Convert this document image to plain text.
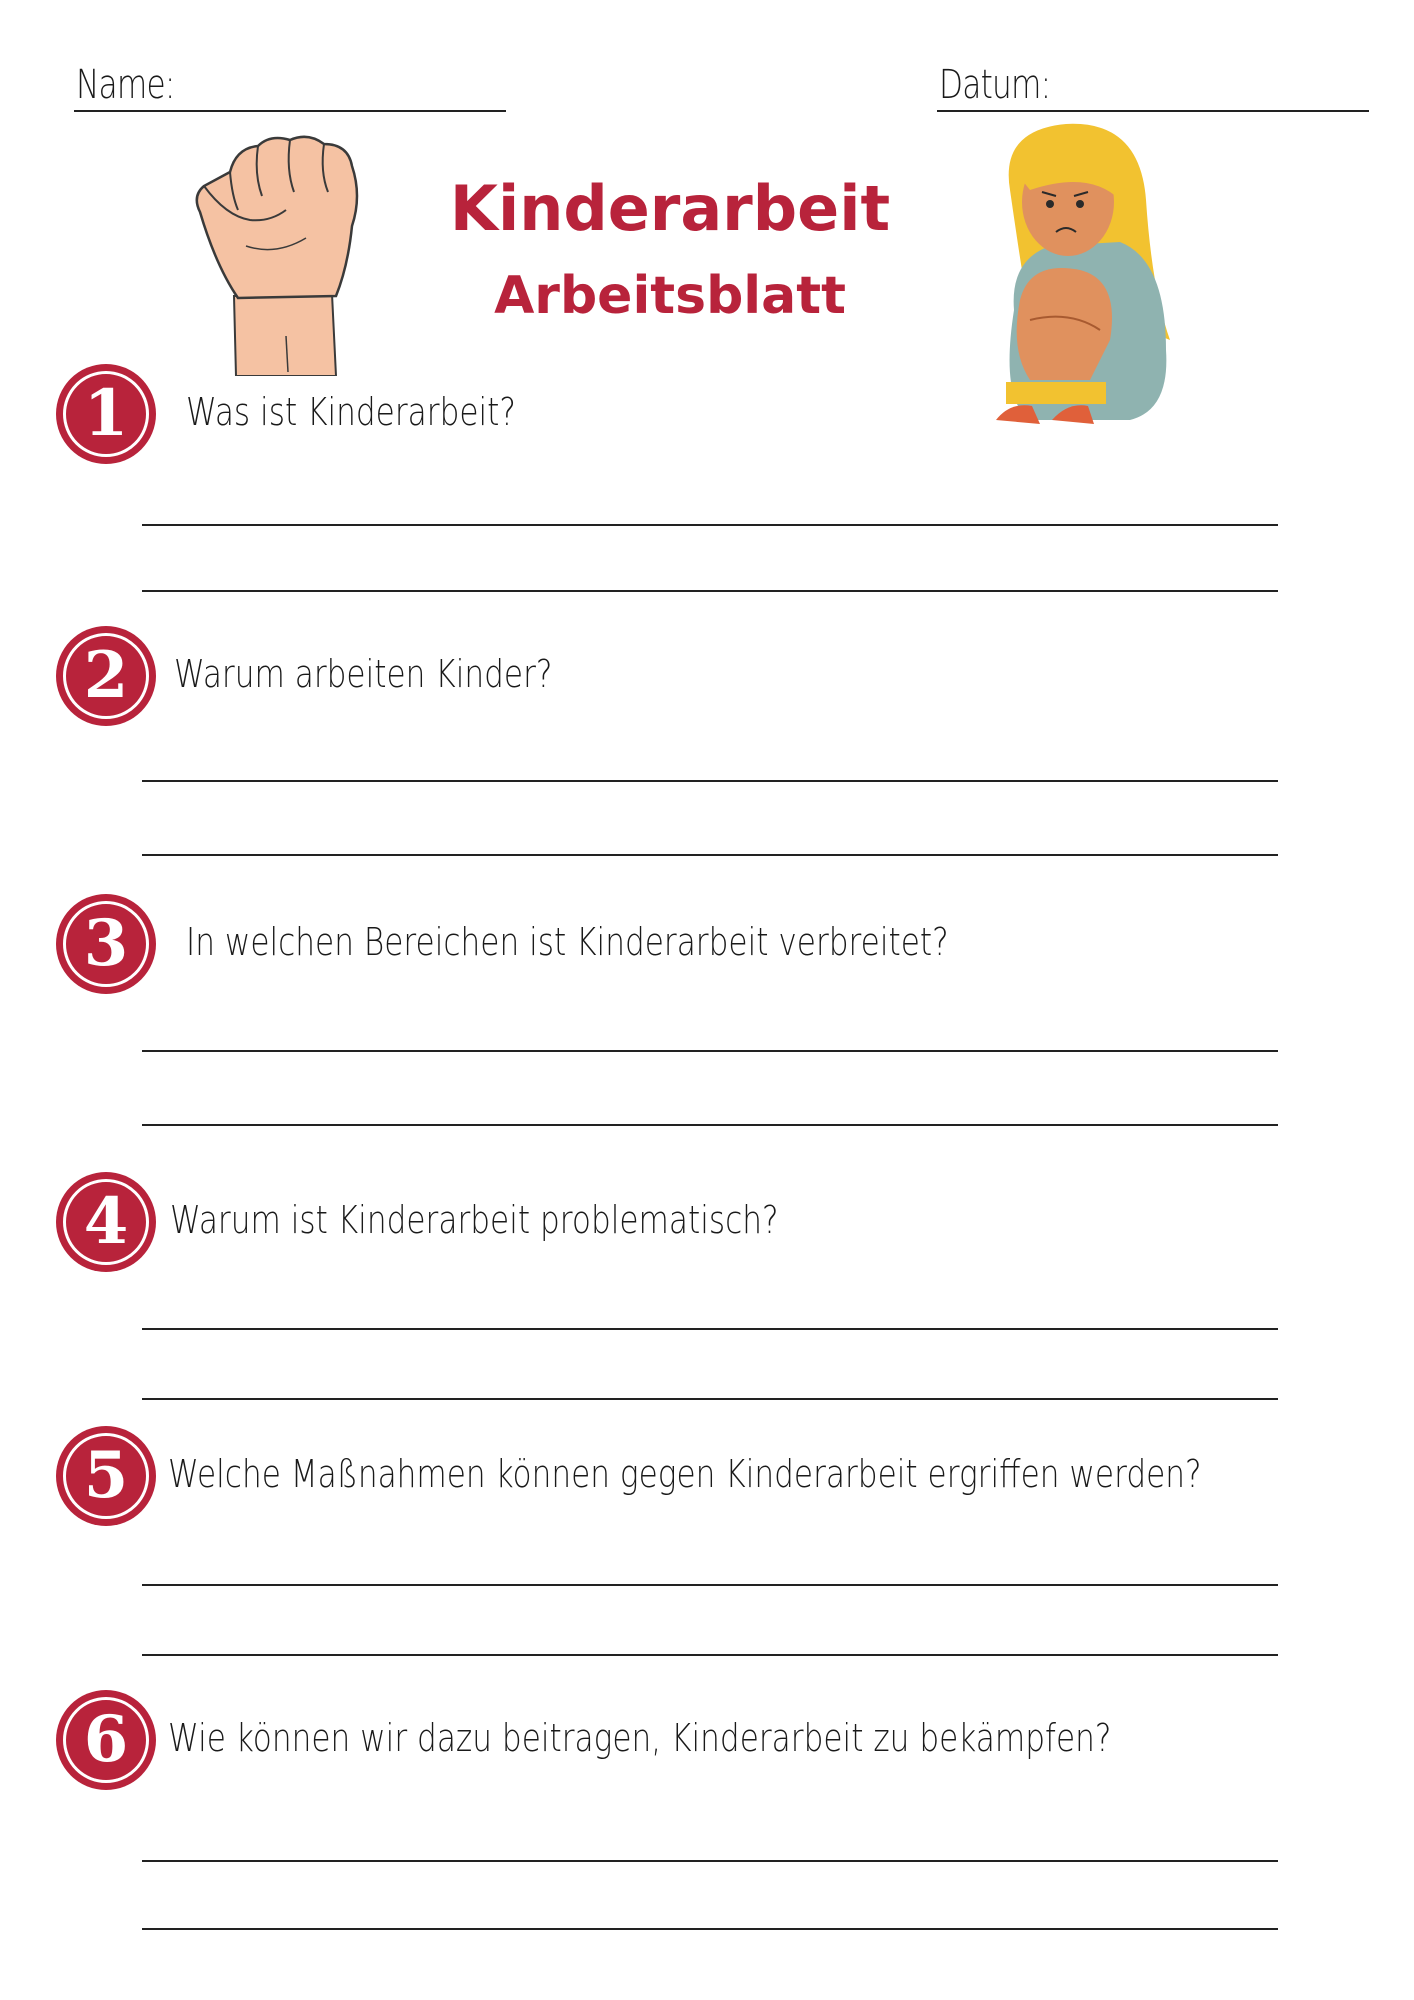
Name:	Datum:
Kinderarbeit
Arbeitsblatt
1 Was ist Kinderarbeit?
2 Warum arbeiten Kinder?
3 In welchen Bereichen ist Kinderarbeit verbreitet?
4 Warum ist Kinderarbeit problematisch?
5 Welche Maßnahmen können gegen Kinderarbeit ergriffen werden?
6 Wie können wir dazu beitragen, Kinderarbeit zu bekämpfen?
